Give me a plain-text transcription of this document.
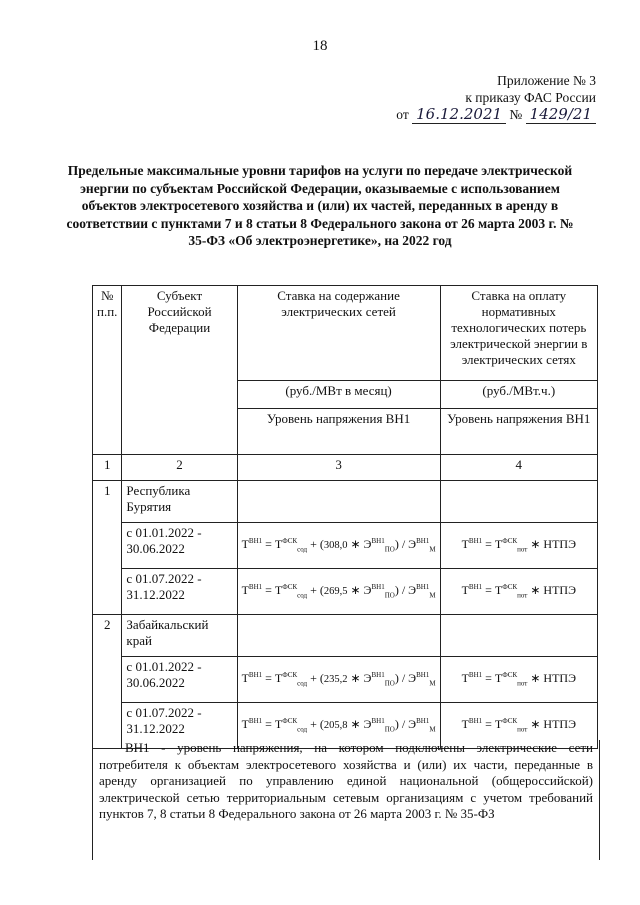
18
Приложение № 3
к приказу ФАС России
от 16.12.2021 № 1429/21
Предельные максимальные уровни тарифов на услуги по передаче электрической энергии по субъектам Российской Федерации, оказываемые с использованием объектов электросетевого хозяйства и (или) их частей, переданных в аренду в соответствии с пунктами 7 и 8 статьи 8 Федерального закона от 26 марта 2003 г. № 35-ФЗ «Об электроэнергетике», на 2022 год
№ п.п.	Субъект Российской Федерации	Ставка на содержание электрических сетей	Ставка на оплату нормативных технологических потерь электрической энергии в электрических сетях
		(руб./МВт в месяц)	(руб./МВт.ч.)
		Уровень напряжения ВН1	Уровень напряжения ВН1
1	2	3	4
1	Республика Бурятия		
	с 01.01.2022 - 30.06.2022	$T^{ВН1} = T^{ФСК}_{сод} + (308,0$ ∗ $Э^{ВН1}_{ПО}) / Э^{ВН1}_М$	$T^{ВН1} = T^{ФСК}_{пот}$ ∗ НТПЭ
	с 01.07.2022 - 31.12.2022	$T^{ВН1} = T^{ФСК}_{сод} + (269,5$ ∗ $Э^{ВН1}_{ПО}) / Э^{ВН1}_М$	$T^{ВН1} = T^{ФСК}_{пот}$ ∗ НТПЭ
2	Забайкальский край		
	с 01.01.2022 - 30.06.2022	$T^{ВН1} = T^{ФСК}_{сод} + (235,2$ ∗ $Э^{ВН1}_{ПО}) / Э^{ВН1}_М$	$T^{ВН1} = T^{ФСК}_{пот}$ ∗ НТПЭ
	с 01.07.2022 - 31.12.2022	$T^{ВН1} = T^{ФСК}_{сод} + (205,8$ ∗ $Э^{ВН1}_{ПО}) / Э^{ВН1}_М$	$T^{ВН1} = T^{ФСК}_{пот}$ ∗ НТПЭ
ВН1 - уровень напряжения, на котором подключены электрические сети потребителя к объектам электросетевого хозяйства и (или) их части, переданные в аренду организацией по управлению единой национальной (общероссийской) электрической сетью территориальным сетевым организациям с учетом требований пунктов 7, 8 статьи 8 Федерального закона от 26 марта 2003 г. № 35-ФЗ
